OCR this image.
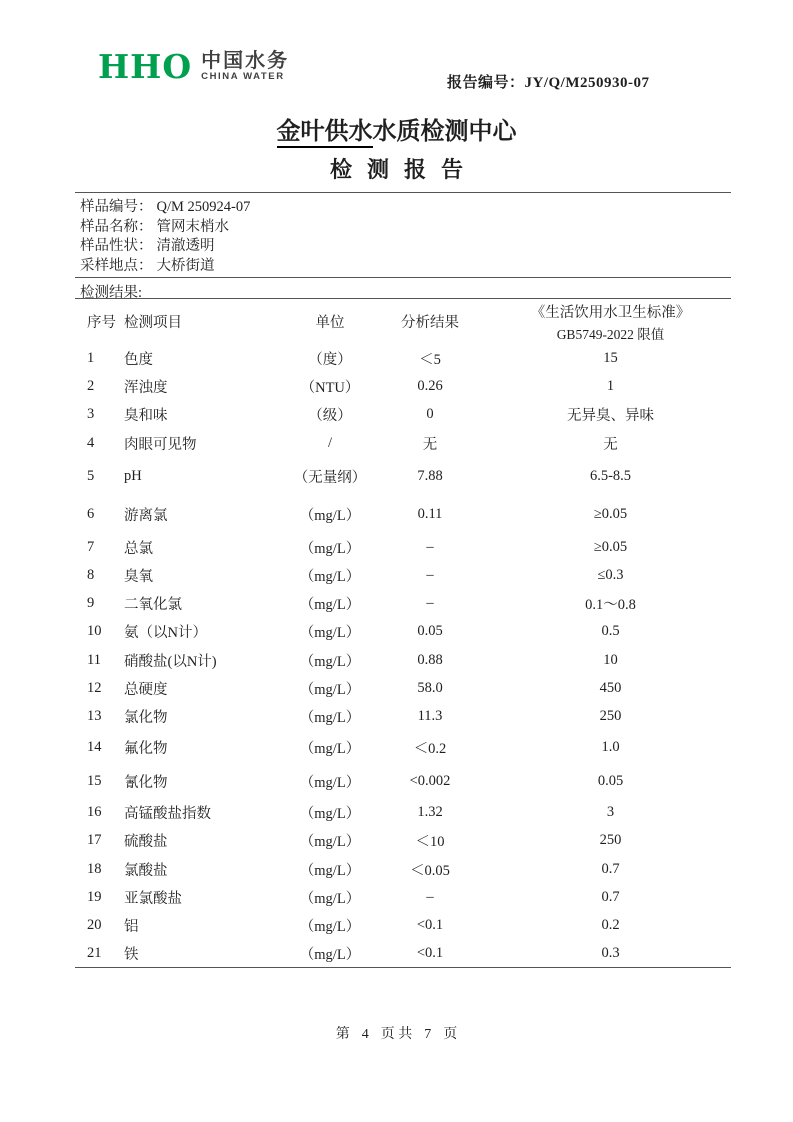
HHO 中国水务
CHINA WATER	报告编号：JY/Q/M250930-07
金叶供水水质检测中心
检测报告
样品编号： Q/M 250924-07
样品名称： 管网末梢水
样品性状： 清澈透明
采样地点： 大桥街道
检测结果:
序号	检测项目	单位	分析结果	《生活饮用水卫生标准》
GB5749-2022 限值

1	色度	（度）	＜5	15
2	浑浊度	（NTU）	0.26	1
3	臭和味	（级）	0	无异臭、异味
4	肉眼可见物	/	无	无
5	pH	（无量纲）	7.88	6.5-8.5
6	游离氯	（mg/L）	0.11	≥0.05
7	总氯	（mg/L）	–	≥0.05
8	臭氧	（mg/L）	–	≤0.3
9	二氧化氯	（mg/L）	–	0.1～0.8
10	氨（以N计）	（mg/L）	0.05	0.5
11	硝酸盐(以N计)	（mg/L）	0.88	10
12	总硬度	（mg/L）	58.0	450
13	氯化物	（mg/L）	11.3	250
14	氟化物	（mg/L）	＜0.2	1.0
15	氰化物	（mg/L）	<0.002	0.05
16	高锰酸盐指数	（mg/L）	1.32	3
17	硫酸盐	（mg/L）	＜10	250
18	氯酸盐	（mg/L）	＜0.05	0.7
19	亚氯酸盐	（mg/L）	–	0.7
20	铝	（mg/L）	<0.1	0.2
21	铁	（mg/L）	<0.1	0.3
第 4 页 共 7 页
